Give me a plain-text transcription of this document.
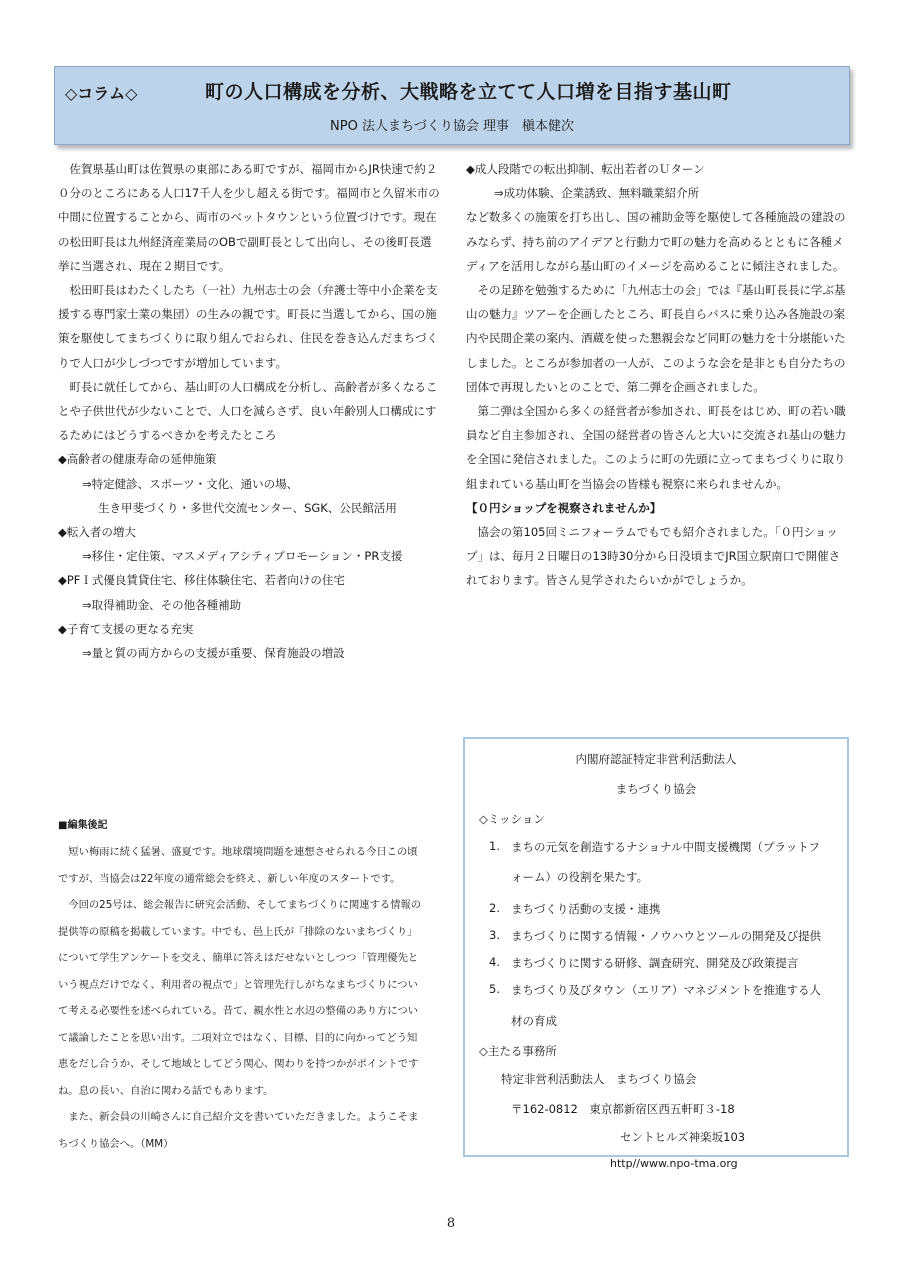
◇コラム◇	町の人口構成を分析、大戦略を立てて人口増を目指す基山町
NPO 法人まちづくり協会 理事　槇本健次

佐賀県基山町は佐賀県の東部にある町ですが、福岡市からJR快速で約２０分のところにある人口17千人を少し超える街です。福岡市と久留米市の中間に位置することから、両市のベットタウンという位置づけです。現在の松田町長は九州経済産業局のOBで副町長として出向し、その後町長選挙に当選され、現在２期目です。

松田町長はわたくしたち（一社）九州志士の会（弁護士等中小企業を支援する専門家士業の集団）の生みの親です。町長に当選してから、国の施策を駆使してまちづくりに取り組んでおられ、住民を巻き込んだまちづくりで人口が少しづつですが増加しています。

町長に就任してから、基山町の人口構成を分析し、高齢者が多くなることや子供世代が少ないことで、人口を減らさず、良い年齢別人口構成にするためにはどうするべきかを考えたところ

◆高齢者の健康寿命の延伸施策

⇒特定健診、スポーツ・文化、通いの場、

生き甲斐づくり・多世代交流センター、SGK、公民館活用

◆転入者の増大

⇒移住・定住策、マスメディアシティプロモーション・PR支援

◆PFＩ式優良賃貸住宅、移住体験住宅、若者向けの住宅

⇒取得補助金、その他各種補助

◆子育て支援の更なる充実

⇒量と質の両方からの支援が重要、保育施設の増設

◆成人段階での転出抑制、転出若者のＵターン

⇒成功体験、企業誘致、無料職業紹介所

など数多くの施策を打ち出し、国の補助金等を駆使して各種施設の建設のみならず、持ち前のアイデアと行動力で町の魅力を高めるとともに各種メディアを活用しながら基山町のイメージを高めることに傾注されました。

その足跡を勉強するために「九州志士の会」では『基山町長長に学ぶ基山の魅力』ツアーを企画したところ、町長自らバスに乗り込み各施設の案内や民間企業の案内、酒蔵を使った懇親会など同町の魅力を十分堪能いたしました。ところが参加者の一人が、このような会を是非とも自分たちの団体で再現したいとのことで、第二弾を企画されました。

第二弾は全国から多くの経営者が参加され、町長をはじめ、町の若い職員など自主参加され、全国の経営者の皆さんと大いに交流され基山の魅力を全国に発信されました。このように町の先頭に立ってまちづくりに取り組まれている基山町を当協会の皆様も視察に来られませんか。

【０円ショップを視察されませんか】

協会の第105回ミニフォーラムでもでも紹介されました。「０円ショップ」は、毎月２日曜日の13時30分から日没頃までJR国立駅南口で開催されております。皆さん見学されたらいかがでしょうか。

■編集後記

短い梅雨に続く猛暑、盛夏です。地球環境問題を連想させられる今日この頃ですが、当協会は22年度の通常総会を終え、新しい年度のスタートです。

今回の25号は、総会報告に研究会活動、そしてまちづくりに関連する情報の提供等の原稿を掲載しています。中でも、邑上氏が「排除のないまちづくり」について学生アンケートを交え、簡単に答えはだせないとしつつ「管理優先という視点だけでなく、利用者の視点で」と管理先行しがちなまちづくりについて考える必要性を述べられている。昔て、親水性と水辺の整備のあり方について議論したことを思い出す。二項対立ではなく、目標、目的に向かってどう知恵をだし合うか、そして地域としてどう関心、関わりを持つかがポイントですね。息の長い、自治に関わる話でもあります。

また、新会員の川崎さんに自己紹介文を書いていただきました。ようこそまちづくり協会へ。（MM）

内閣府認証特定非営利活動法人
まちづくり協会
◇ミッション
1. まちの元気を創造するナショナル中間支援機関（プラットフ
ォーム）の役割を果たす。
2. まちづくり活動の支援・連携
3. まちづくりに関する情報・ノウハウとツールの開発及び提供
4. まちづくりに関する研修、調査研究、開発及び政策提言
5. まちづくり及びタウン（エリア）マネジメントを推進する人
材の育成
◇主たる事務所
特定非営利活動法人　まちづくり協会
〒162-0812　東京都新宿区西五軒町３-18
セントヒルズ神楽坂103
http//www.npo-tma.org
8
